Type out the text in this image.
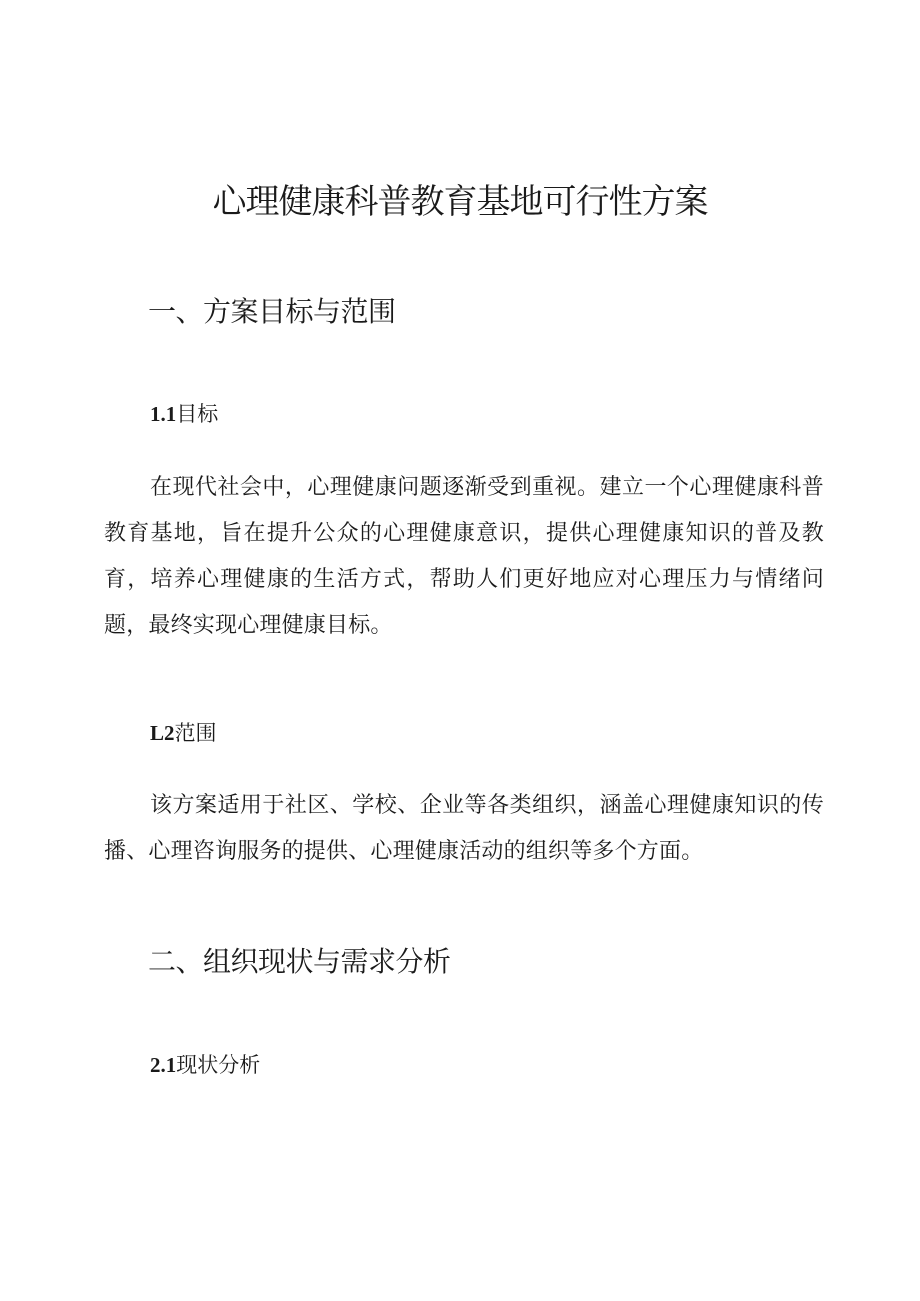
心理健康科普教育基地可行性方案
一、方案目标与范围
1.1目标

在现代社会中，心理健康问题逐渐受到重视。建立一个心理健康科普教育基地，旨在提升公众的心理健康意识，提供心理健康知识的普及教育，培养心理健康的生活方式，帮助人们更好地应对心理压力与情绪问题，最终实现心理健康目标。

L2范围

该方案适用于社区、学校、企业等各类组织，涵盖心理健康知识的传播、心理咨询服务的提供、心理健康活动的组织等多个方面。

二、组织现状与需求分析
2.1现状分析
